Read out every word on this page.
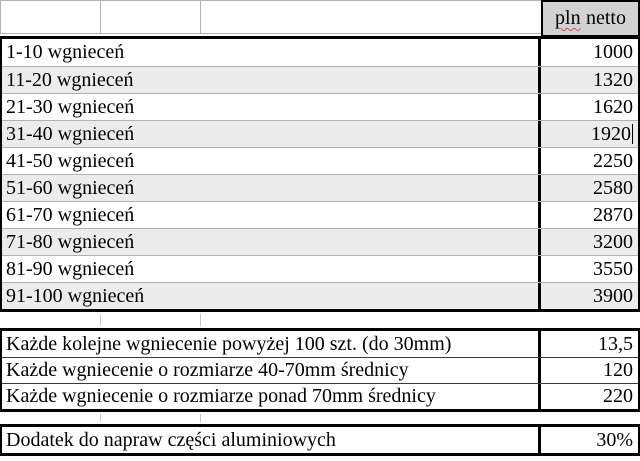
pln netto
1-10 wgnieceń	1000
11-20 wgnieceń	1320
21-30 wgnieceń	1620
31-40 wgnieceń	1920
41-50 wgnieceń	2250
51-60 wgnieceń	2580
61-70 wgnieceń	2870
71-80 wgnieceń	3200
81-90 wgnieceń	3550
91-100 wgnieceń	3900
Każde kolejne wgniecenie powyżej 100 szt. (do 30mm)	13,5
Każde wgniecenie o rozmiarze 40-70mm średnicy	120
Każde wgniecenie o rozmiarze ponad 70mm średnicy	220
Dodatek do napraw części aluminiowych	30%
